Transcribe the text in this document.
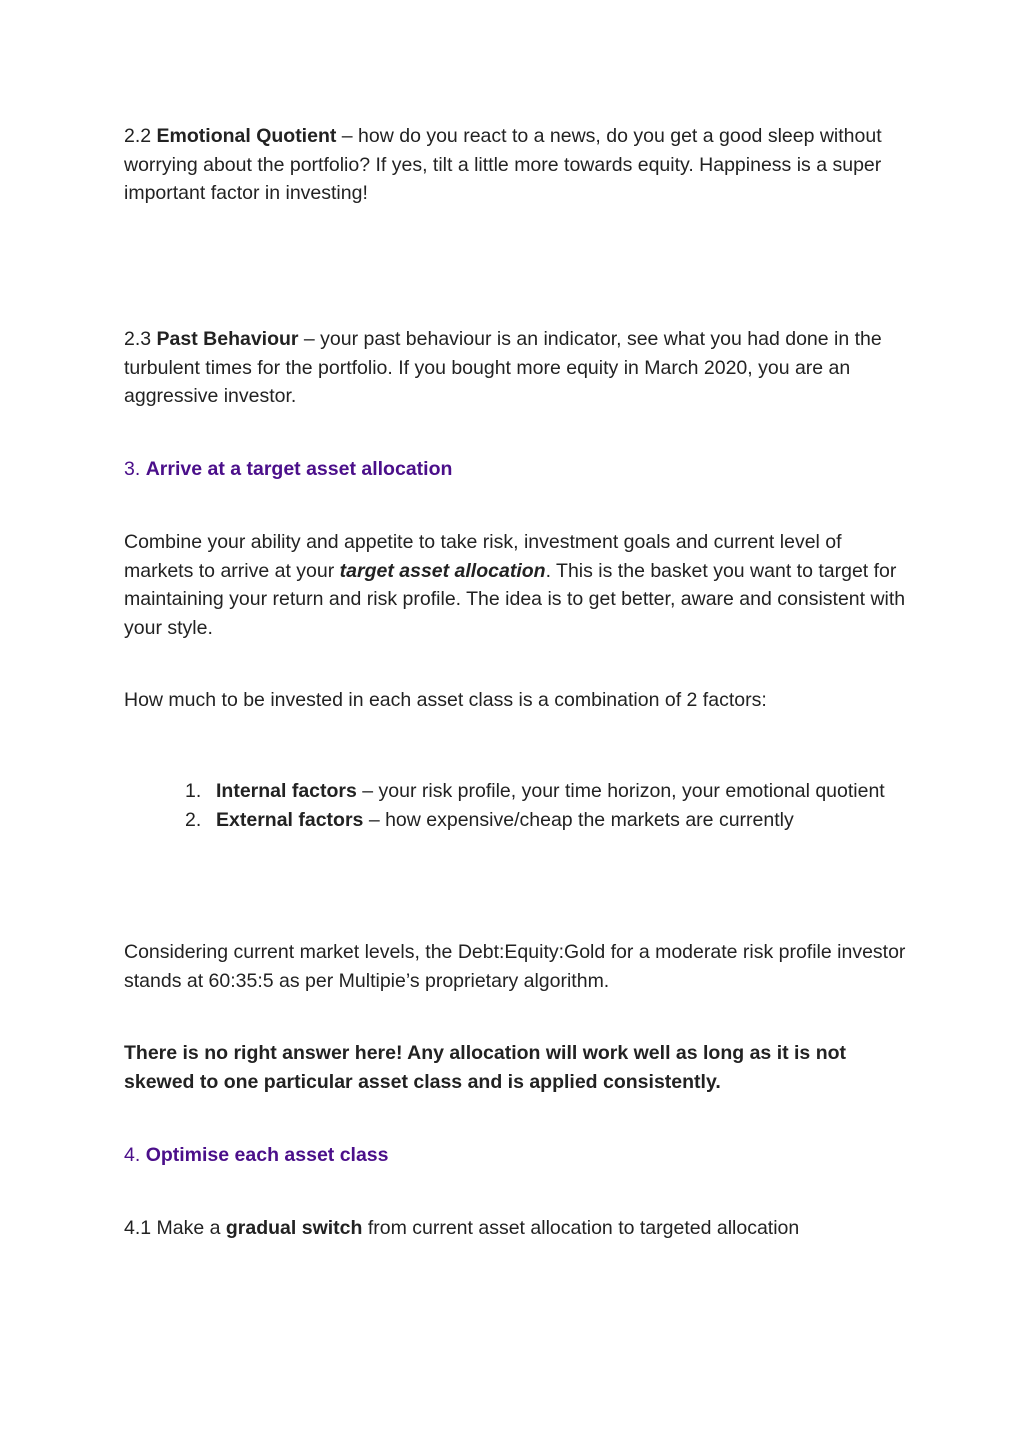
2.2 Emotional Quotient – how do you react to a news, do you get a good sleep without worrying about the portfolio? If yes, tilt a little more towards equity. Happiness is a super important factor in investing!

2.3 Past Behaviour – your past behaviour is an indicator, see what you had done in the turbulent times for the portfolio. If you bought more equity in March 2020, you are an aggressive investor.

3. Arrive at a target asset allocation

Combine your ability and appetite to take risk, investment goals and current level of markets to arrive at your target asset allocation. This is the basket you want to target for maintaining your return and risk profile. The idea is to get better, aware and consistent with your style.

How much to be invested in each asset class is a combination of 2 factors:

1. Internal factors – your risk profile, your time horizon, your emotional quotient
2. External factors – how expensive/cheap the markets are currently

Considering current market levels, the Debt:Equity:Gold for a moderate risk profile investor stands at 60:35:5 as per Multipie’s proprietary algorithm.

There is no right answer here! Any allocation will work well as long as it is not skewed to one particular asset class and is applied consistently.

4. Optimise each asset class

4.1 Make a gradual switch from current asset allocation to targeted allocation
